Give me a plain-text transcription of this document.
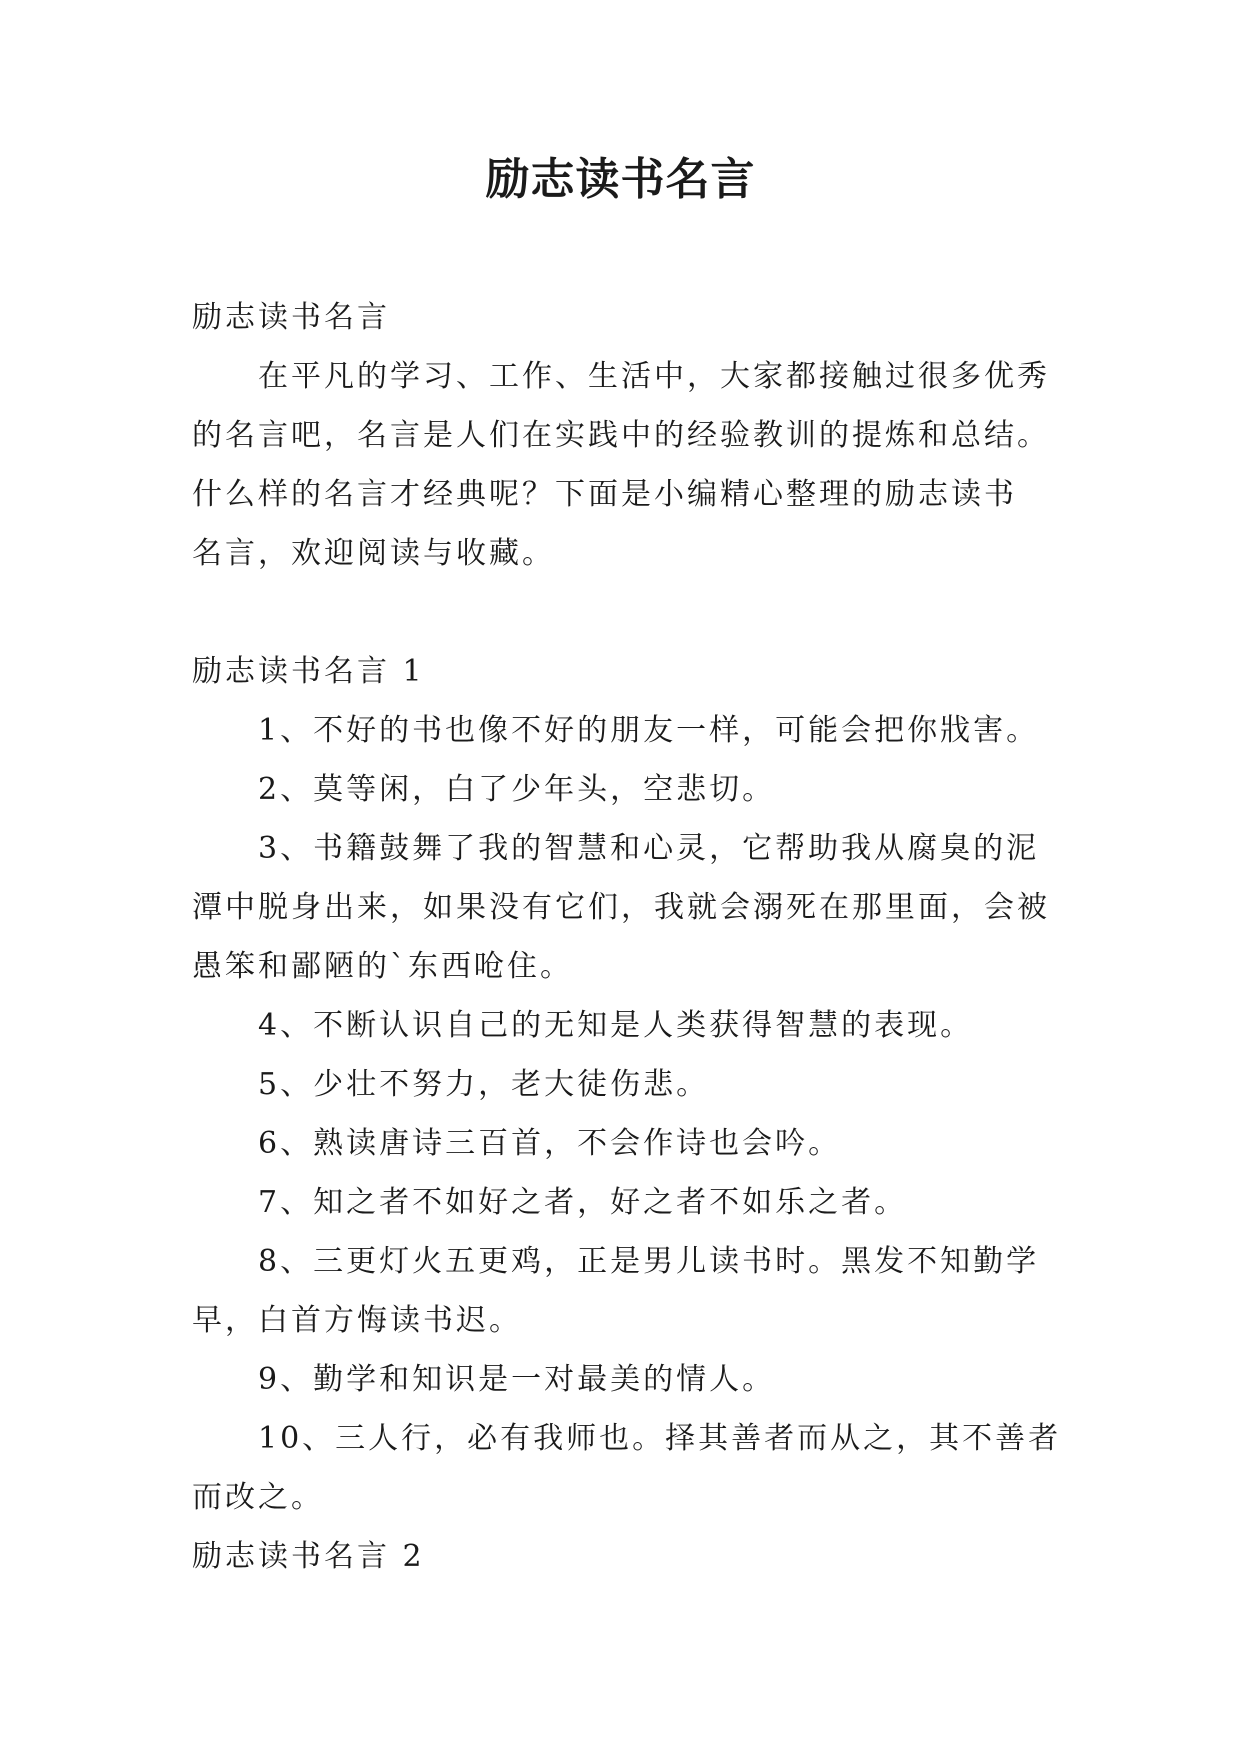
励志读书名言
励志读书名言
在平凡的学习、工作、生活中，大家都接触过很多优秀
的名言吧，名言是人们在实践中的经验教训的提炼和总结。
什么样的名言才经典呢？下面是小编精心整理的励志读书
名言，欢迎阅读与收藏。
励志读书名言 1
1、不好的书也像不好的朋友一样，可能会把你戕害。
2、莫等闲，白了少年头，空悲切。
3、书籍鼓舞了我的智慧和心灵，它帮助我从腐臭的泥
潭中脱身出来，如果没有它们，我就会溺死在那里面，会被
愚笨和鄙陋的`东西呛住。
4、不断认识自己的无知是人类获得智慧的表现。
5、少壮不努力，老大徒伤悲。
6、熟读唐诗三百首，不会作诗也会吟。
7、知之者不如好之者，好之者不如乐之者。
8、三更灯火五更鸡，正是男儿读书时。黑发不知勤学
早，白首方悔读书迟。
9、勤学和知识是一对最美的情人。
10、三人行，必有我师也。择其善者而从之，其不善者
而改之。
励志读书名言 2
